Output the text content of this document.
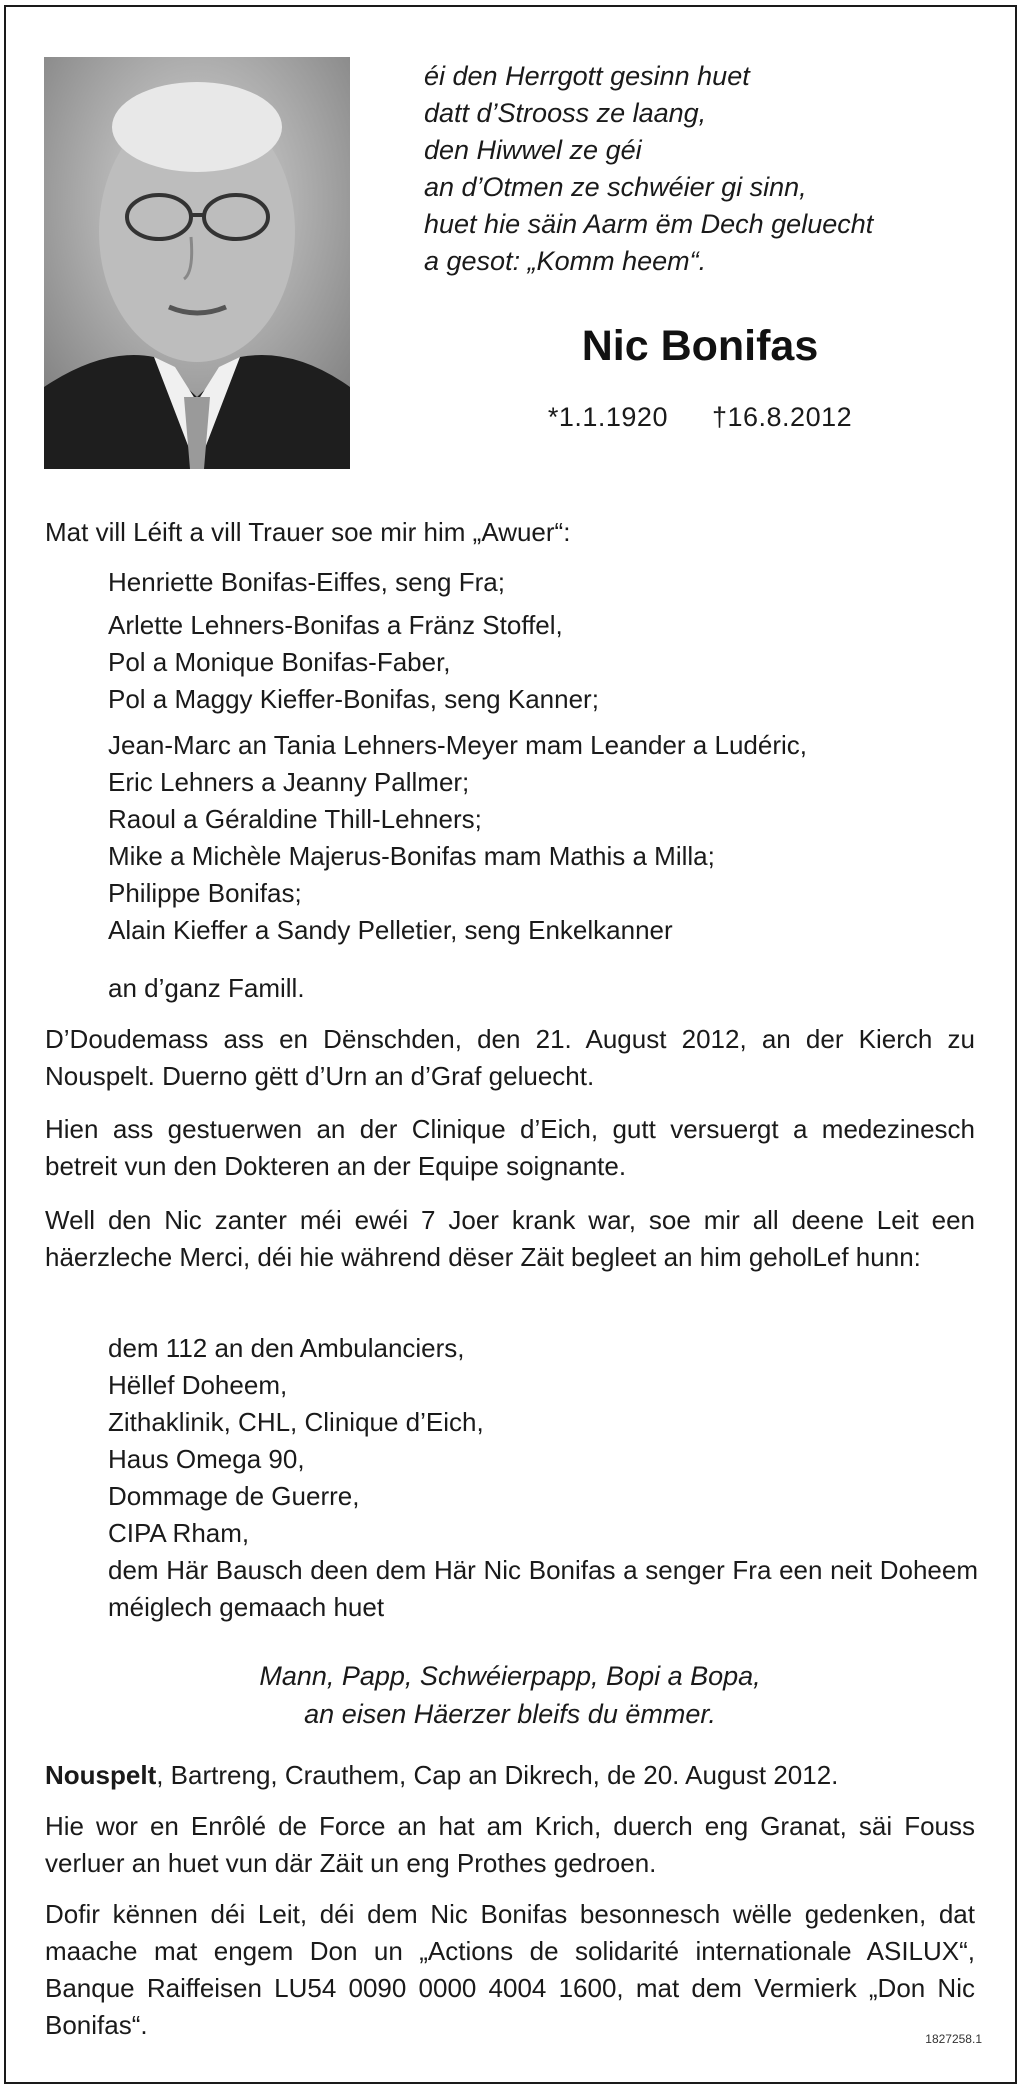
éi den Herrgott gesinn huet
datt d’Strooss ze laang,
den Hiwwel ze géi
an d’Otmen ze schwéier gi sinn,
huet hie säin Aarm ëm Dech geluecht
a gesot: „Komm heem“.
Nic Bonifas
*1.1.1920 †16.8.2012
Mat vill Léift a vill Trauer soe mir him „Awuer“:
Henriette Bonifas-Eiffes, seng Fra;
Arlette Lehners-Bonifas a Fränz Stoffel,
Pol a Monique Bonifas-Faber,
Pol a Maggy Kieffer-Bonifas, seng Kanner;
Jean-Marc an Tania Lehners-Meyer mam Leander a Ludéric,
Eric Lehners a Jeanny Pallmer;
Raoul a Géraldine Thill-Lehners;
Mike a Michèle Majerus-Bonifas mam Mathis a Milla;
Philippe Bonifas;
Alain Kieffer a Sandy Pelletier, seng Enkelkanner
an d’ganz Famill.
D’Doudemass ass en Dënschden, den 21. August 2012, an der Kierch zu Nouspelt. Duerno gëtt d’Urn an d’Graf geluecht.
Hien ass gestuerwen an der Clinique d’Eich, gutt versuergt a medezinesch betreit vun den Dokteren an der Equipe soignante.
Well den Nic zanter méi ewéi 7 Joer krank war, soe mir all deene Leit een häerzleche Merci, déi hie während dëser Zäit begleet an him geholLef hunn:
dem 112 an den Ambulanciers,
Hëllef Doheem,
Zithaklinik, CHL, Clinique d’Eich,
Haus Omega 90,
Dommage de Guerre,
CIPA Rham,
dem Här Bausch deen dem Här Nic Bonifas a senger Fra een neit Doheem méiglech gemaach huet
Mann, Papp, Schwéierpapp, Bopi a Bopa,
an eisen Häerzer bleifs du ëmmer.
Nouspelt, Bartreng, Crauthem, Cap an Dikrech, de 20. August 2012.
Hie wor en Enrôlé de Force an hat am Krich, duerch eng Granat, säi Fouss verluer an huet vun där Zäit un eng Prothes gedroen.
Dofir kënnen déi Leit, déi dem Nic Bonifas besonnesch wëlle gedenken, dat maache mat engem Don un „Actions de solidarité internationale ASILUX“, Banque Raiffeisen LU54 0090 0000 4004 1600, mat dem Vermierk „Don Nic Bonifas“.	1827258.1
